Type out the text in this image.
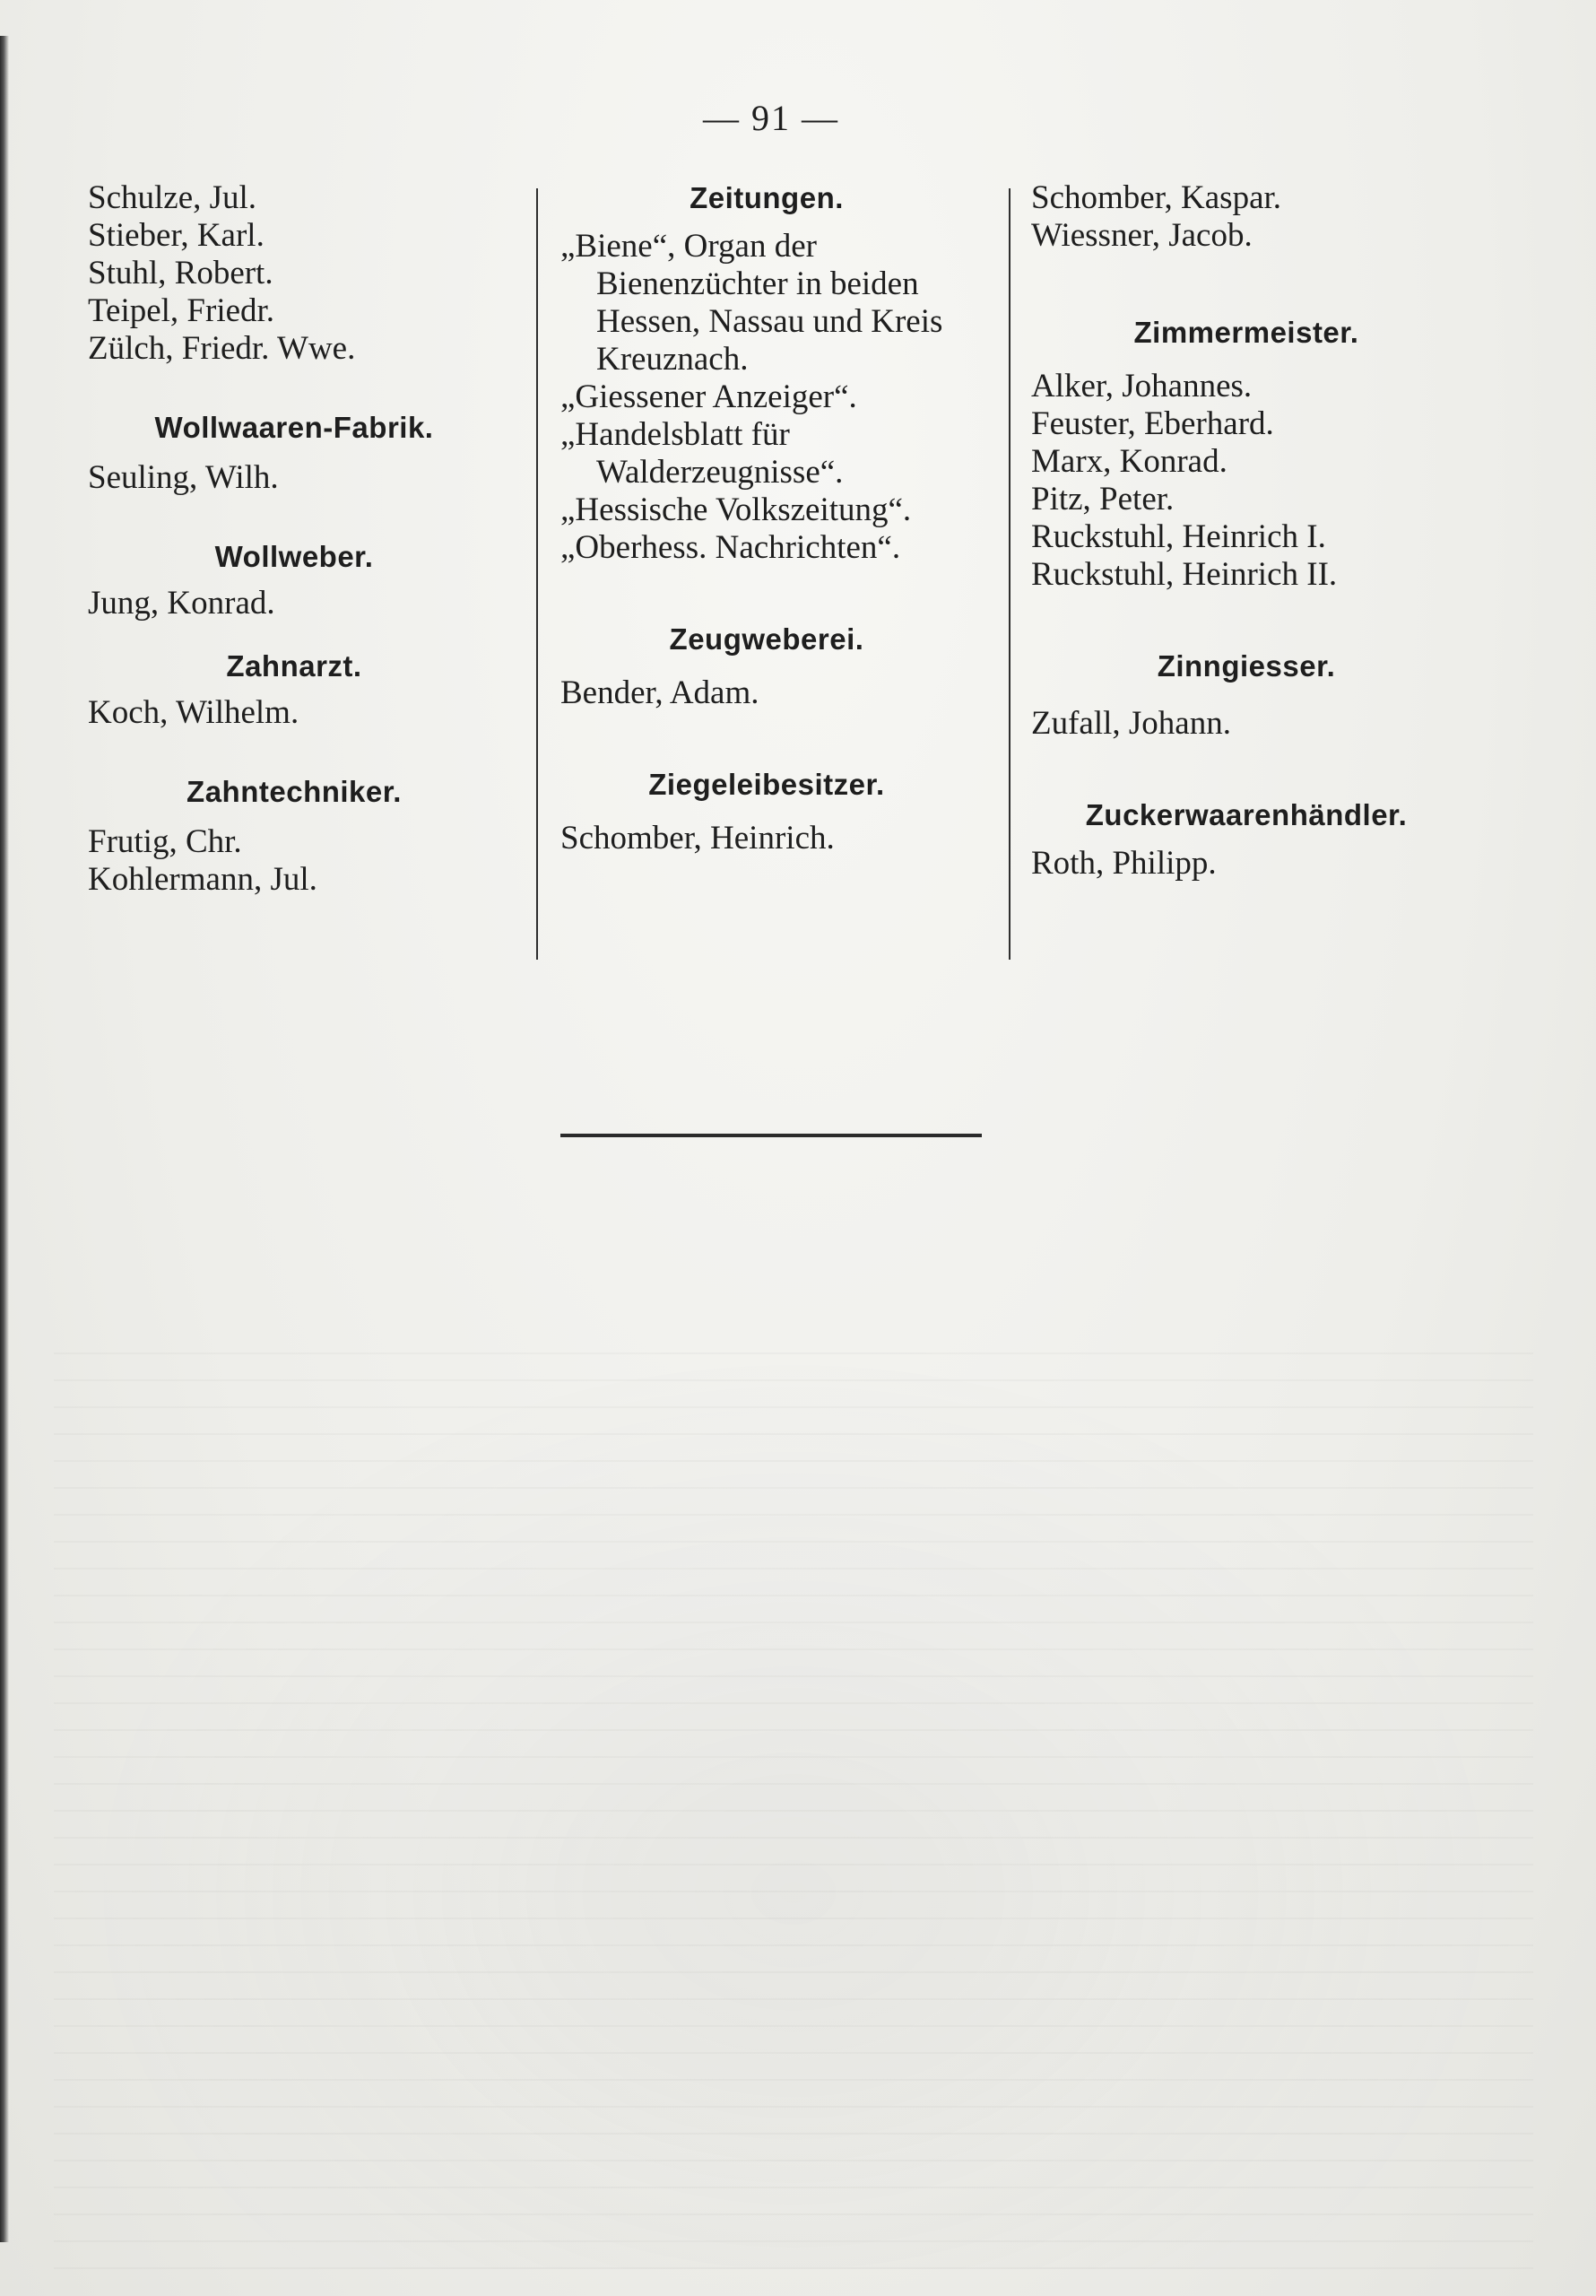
— 91 —

Schulze, Jul.

Stieber, Karl.

Stuhl, Robert.

Teipel, Friedr.

Zülch, Friedr. Wwe.

Wollwaaren-Fabrik.

Seuling, Wilh.

Wollweber.

Jung, Konrad.

Zahnarzt.

Koch, Wilhelm.

Zahntechniker.

Frutig, Chr.

Kohlermann, Jul.

Zeitungen.

„Biene“, Organ der Bienenzüchter in beiden Hessen, Nassau und Kreis Kreuznach.

„Giessener Anzeiger“.

„Handelsblatt für Walderzeugnisse“.

„Hessische Volkszeitung“.

„Oberhess. Nachrichten“.

Zeugweberei.

Bender, Adam.

Ziegeleibesitzer.

Schomber, Heinrich.

Schomber, Kaspar.

Wiessner, Jacob.

Zimmermeister.

Alker, Johannes.

Feuster, Eberhard.

Marx, Konrad.

Pitz, Peter.

Ruckstuhl, Heinrich I.

Ruckstuhl, Heinrich II.

Zinngiesser.

Zufall, Johann.

Zuckerwaarenhändler.

Roth, Philipp.
